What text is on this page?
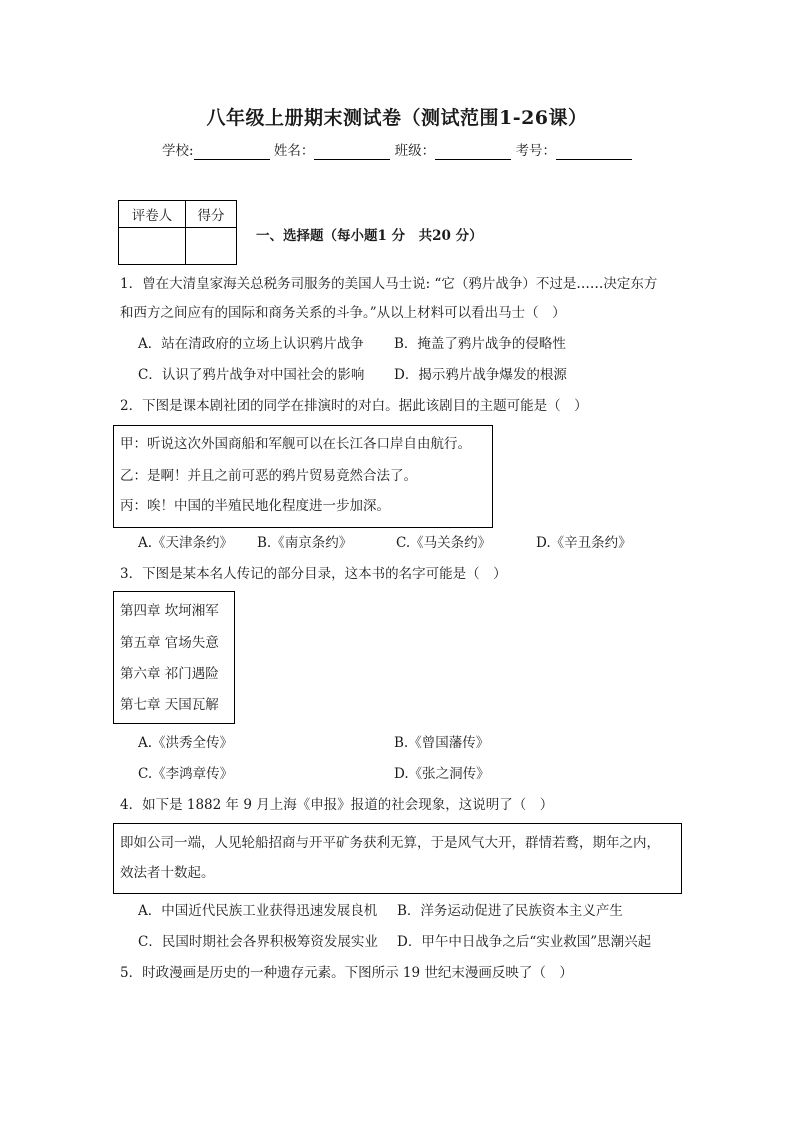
八年级上册期末测试卷（测试范围1-26课）
学校:	姓名：	班级：	考号：
评卷人	得分

一、选择题（每小题1 分　共20 分）
1．曾在大清皇家海关总税务司服务的美国人马士说: “它（鸦片战争）不过是……决定东方
和西方之间应有的国际和商务关系的斗争。”从以上材料可以看出马士（　）
A．站在清政府的立场上认识鸦片战争 B．掩盖了鸦片战争的侵略性
C．认识了鸦片战争对中国社会的影响 D．揭示鸦片战争爆发的根源
2．下图是课本剧社团的同学在排演时的对白。据此该剧目的主题可能是（　）
甲：听说这次外国商船和军舰可以在长江各口岸自由航行。
乙：是啊！并且之前可恶的鸦片贸易竟然合法了。
丙：唉！中国的半殖民地化程度进一步加深。
A.《天津条约》 B.《南京条约》	C.《马关条约》	D.《辛丑条约》
3．下图是某本名人传记的部分目录，这本书的名字可能是（　）
第四章 坎坷湘军
第五章 官场失意
第六章 祁门遇险
第七章 天国瓦解
A.《洪秀全传》	B.《曾国藩传》
C.《李鸿章传》	D.《张之洞传》
4．如下是 1882 年 9 月上海《申报》报道的社会现象，这说明了（　）
即如公司一端，人见轮船招商与开平矿务获利无算，于是风气大开，群情若鹜，期年之内，
效法者十数起。
A．中国近代民族工业获得迅速发展良机 B．洋务运动促进了民族资本主义产生
C．民国时期社会各界积极筹资发展实业 D．甲午中日战争之后“实业救国”思潮兴起
5．时政漫画是历史的一种遗存元素。下图所示 19 世纪末漫画反映了（　）
